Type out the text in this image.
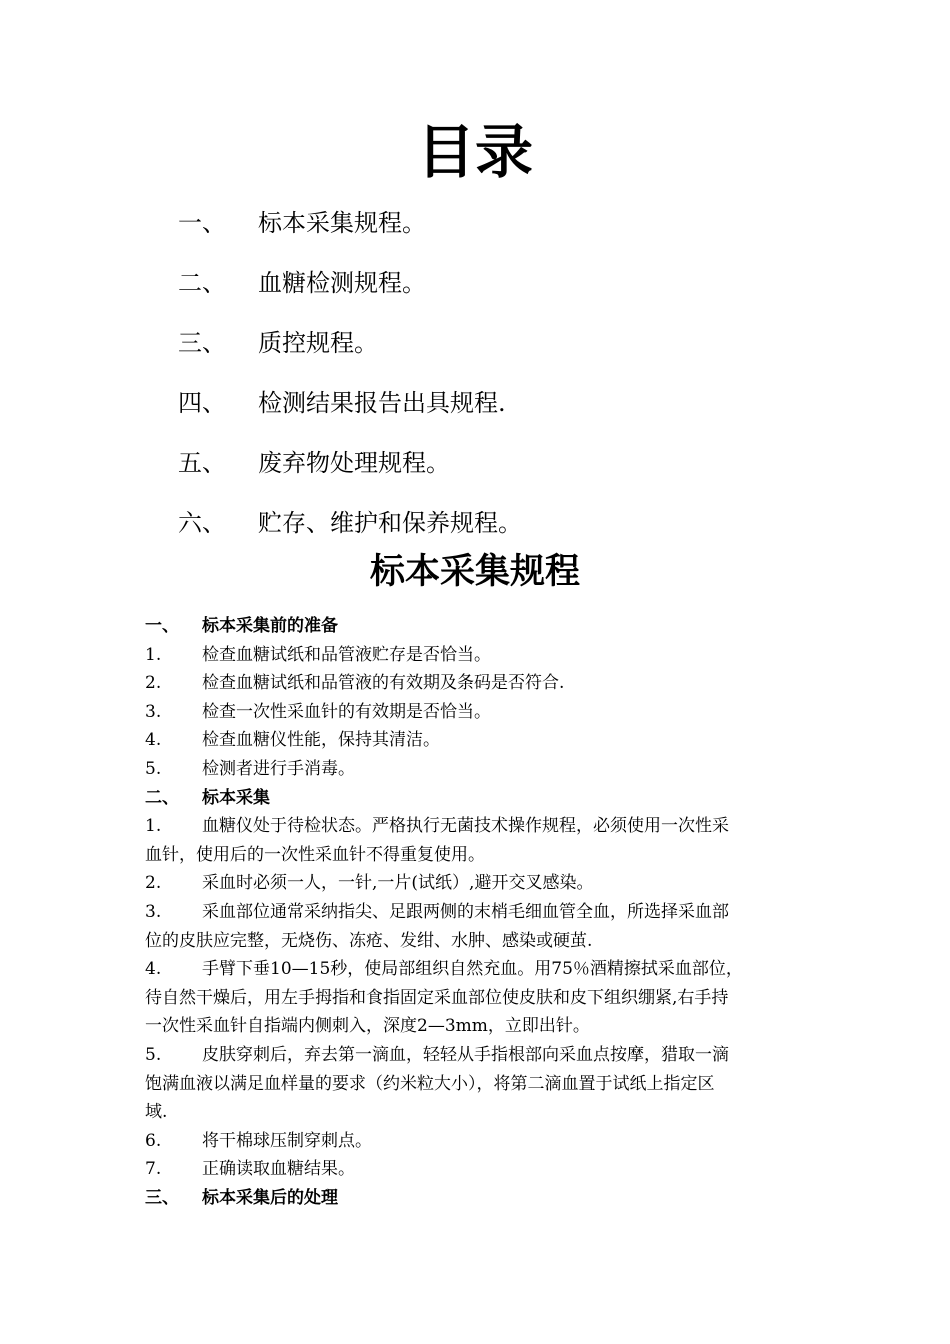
目录
一、	标本采集规程。
二、	血糖检测规程。
三、	质控规程。
四、	检测结果报告出具规程.
五、	废弃物处理规程。
六、	贮存、维护和保养规程。
标本采集规程
一、	标本采集前的准备
1.	检查血糖试纸和品管液贮存是否恰当。
2.	检查血糖试纸和品管液的有效期及条码是否符合.
3.	检查一次性采血针的有效期是否恰当。
4.	检查血糖仪性能，保持其清洁。
5.	检测者进行手消毒。
二、	标本采集
1.	血糖仪处于待检状态。严格执行无菌技术操作规程，必须使用一次性采
血针，使用后的一次性采血针不得重复使用。
2.	采血时必须一人，一针,一片(试纸）,避开交叉感染。
3.	采血部位通常采纳指尖、足跟两侧的末梢毛细血管全血，所选择采血部
位的皮肤应完整，无烧伤、冻疮、发绀、水肿、感染或硬茧.
4.	手臂下垂10—15秒，使局部组织自然充血。用75％酒精擦拭采血部位，
待自然干燥后，用左手拇指和食指固定采血部位使皮肤和皮下组织绷紧,右手持
一次性采血针自指端内侧刺入，深度2—3mm，立即出针。
5.	皮肤穿刺后，弃去第一滴血，轻轻从手指根部向采血点按摩，猎取一滴
饱满血液以满足血样量的要求（约米粒大小），将第二滴血置于试纸上指定区
域.
6.	将干棉球压制穿刺点。
7.	正确读取血糖结果。
三、	标本采集后的处理
